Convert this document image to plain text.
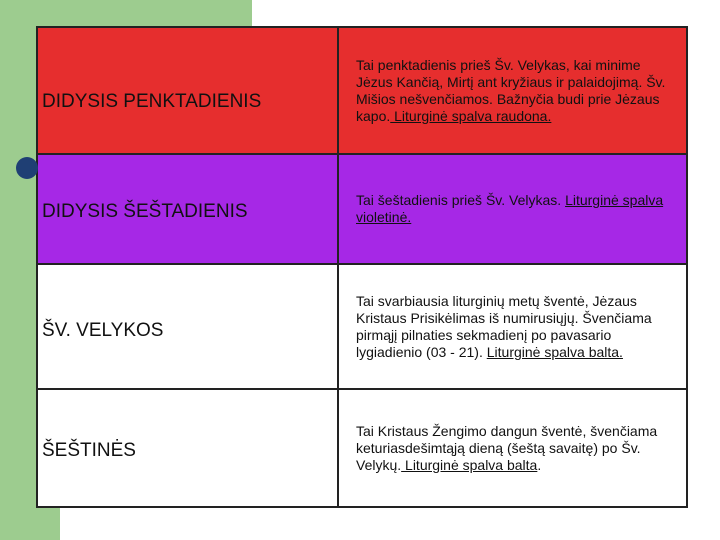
DIDYSIS PENKTADIENIS	Tai penktadienis prieš Šv. Velykas, kai minime Jėzus Kančią, Mirtį ant kryžiaus ir palaidojimą. Šv. Mišios nešvenčiamos. Bažnyčia budi prie Jėzaus kapo. Liturginė spalva raudona.
DIDYSIS ŠEŠTADIENIS	Tai šeštadienis prieš Šv. Velykas. Liturginė spalva violetinė.
ŠV. VELYKOS	Tai svarbiausia liturginių metų šventė, Jėzaus Kristaus Prisikėlimas iš numirusiųjų. Švenčiama pirmąjį pilnaties sekmadienį po pavasario lygiadienio (03 - 21). Liturginė spalva balta.
ŠEŠTINĖS	Tai Kristaus Žengimo dangun šventė, švenčiama keturiasdešimtąją dieną (šeštą savaitę) po Šv. Velykų. Liturginė spalva balta.
